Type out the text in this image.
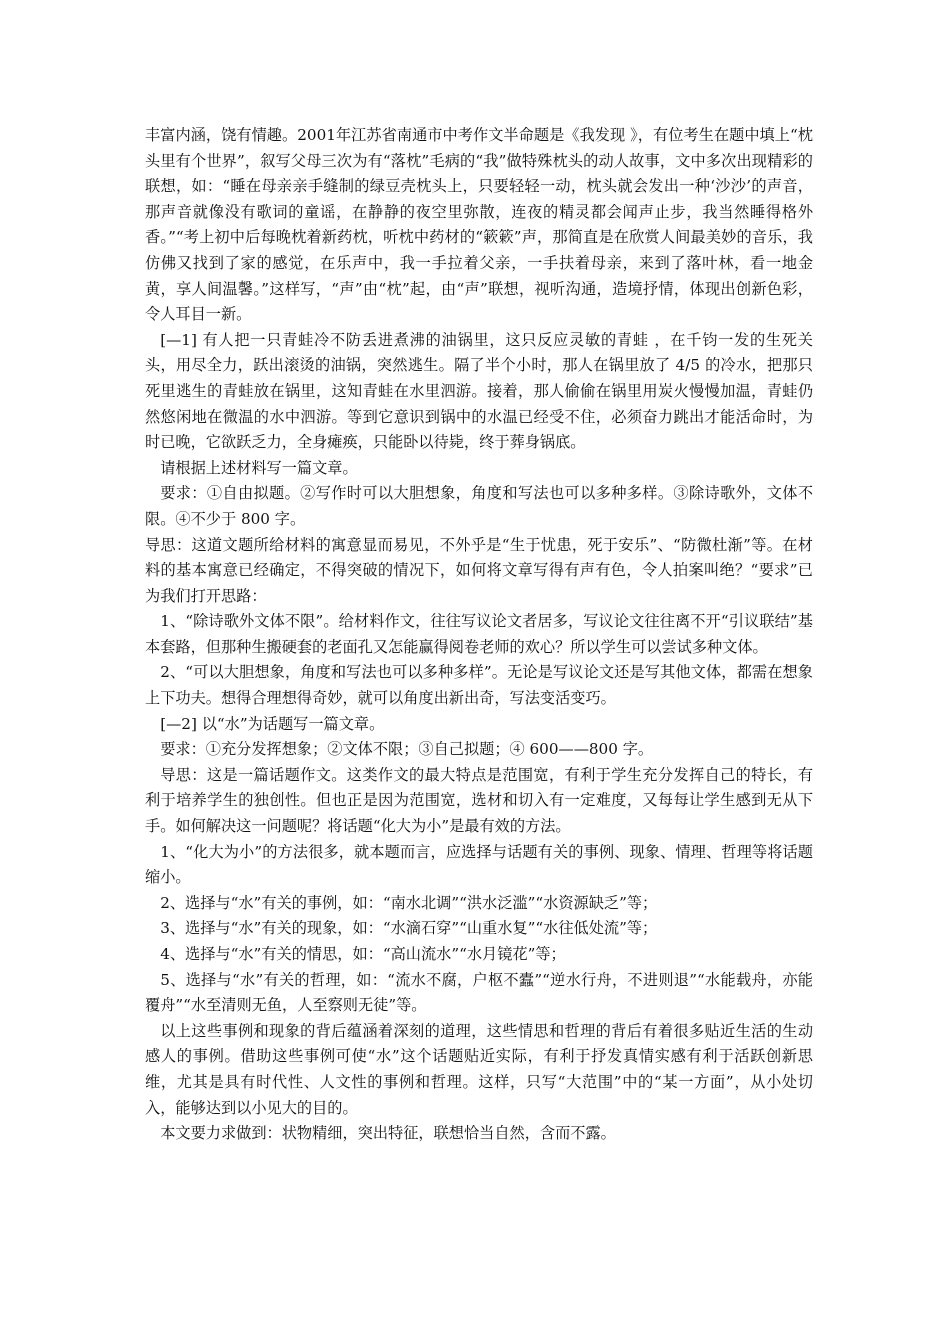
丰富内涵，饶有情趣。2001年江苏省南通市中考作文半命题是《我发现 》，有位考生在题中填上“枕头里有个世界”，叙写父母三次为有“落枕”毛病的“我”做特殊枕头的动人故事，文中多次出现精彩的联想，如：“睡在母亲亲手缝制的绿豆壳枕头上，只要轻轻一动，枕头就会发出一种‘沙沙’的声音，那声音就像没有歌词的童谣，在静静的夜空里弥散，连夜的精灵都会闻声止步，我当然睡得格外香。”“考上初中后每晚枕着新药枕，听枕中药材的“簌簌”声，那简直是在欣赏人间最美妙的音乐，我仿佛又找到了家的感觉，在乐声中，我一手拉着父亲，一手扶着母亲，来到了落叶林，看一地金黄，享人间温馨。”这样写，“声”由“枕”起，由“声”联想，视听沟通，造境抒情，体现出创新色彩，令人耳目一新。

[—1] 有人把一只青蛙冷不防丢进煮沸的油锅里，这只反应灵敏的青蛙 ，在千钧一发的生死关头，用尽全力，跃出滚烫的油锅，突然逃生。隔了半个小时，那人在锅里放了 4/5 的冷水，把那只死里逃生的青蛙放在锅里，这知青蛙在水里泗游。接着，那人偷偷在锅里用炭火慢慢加温，青蛙仍然悠闲地在微温的水中泗游。等到它意识到锅中的水温已经受不住，必须奋力跳出才能活命时，为时已晚，它欲跃乏力，全身瘫痪，只能卧以待毙，终于葬身锅底。

请根据上述材料写一篇文章。

要求：①自由拟题。②写作时可以大胆想象，角度和写法也可以多种多样。③除诗歌外，文体不限。④不少于 800 字。

导思：这道文题所给材料的寓意显而易见，不外乎是“生于忧患，死于安乐”、“防微杜渐”等。在材料的基本寓意已经确定，不得突破的情况下，如何将文章写得有声有色，令人拍案叫绝？“要求”已为我们打开思路：

1、“除诗歌外文体不限”。给材料作文，往往写议论文者居多，写议论文往往离不开“引议联结”基本套路，但那种生搬硬套的老面孔又怎能赢得阅卷老师的欢心？所以学生可以尝试多种文体。

2、“可以大胆想象，角度和写法也可以多种多样”。无论是写议论文还是写其他文体，都需在想象上下功夫。想得合理想得奇妙，就可以角度出新出奇，写法变活变巧。

[—2] 以“水”为话题写一篇文章。

要求：①充分发挥想象；②文体不限；③自己拟题；④ 600——800 字。

导思：这是一篇话题作文。这类作文的最大特点是范围宽，有利于学生充分发挥自己的特长，有利于培养学生的独创性。但也正是因为范围宽，选材和切入有一定难度，又每每让学生感到无从下手。如何解决这一问题呢？将话题“化大为小”是最有效的方法。

1、“化大为小”的方法很多，就本题而言，应选择与话题有关的事例、现象、情理、哲理等将话题缩小。

2、选择与“水”有关的事例，如：“南水北调”“洪水泛滥”“水资源缺乏”等；

3、选择与“水”有关的现象，如：“水滴石穿”“山重水复”“水往低处流”等；

4、选择与“水”有关的情思，如：“高山流水”“水月镜花”等；

5、选择与“水”有关的哲理，如：“流水不腐，户枢不蠹”“逆水行舟，不进则退”“水能载舟，亦能覆舟”“水至清则无鱼，人至察则无徒”等。

以上这些事例和现象的背后蕴涵着深刻的道理，这些情思和哲理的背后有着很多贴近生活的生动感人的事例。借助这些事例可使“水”这个话题贴近实际，有利于抒发真情实感有利于活跃创新思维，尤其是具有时代性、人文性的事例和哲理。这样，只写“大范围”中的“某一方面”，从小处切入，能够达到以小见大的目的。

本文要力求做到：状物精细，突出特征，联想恰当自然，含而不露。
